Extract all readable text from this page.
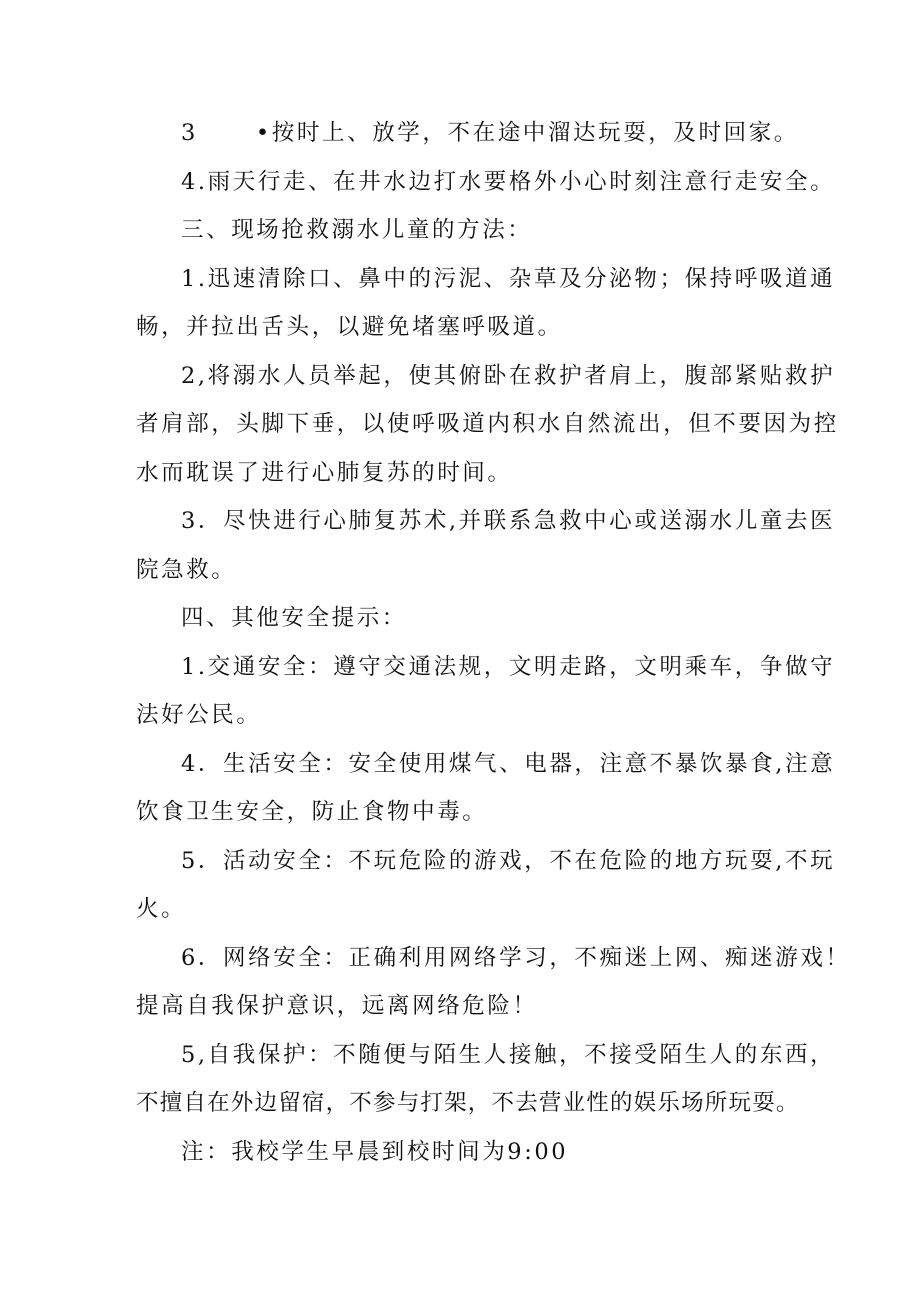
3	•按时上、放学，不在途中溜达玩耍，及时回家。
4.雨天行走、在井水边打水要格外小心时刻注意行走安全。
三、现场抢救溺水儿童的方法：
1.迅速清除口、鼻中的污泥、杂草及分泌物；保持呼吸道通
畅，并拉出舌头，以避免堵塞呼吸道。
2,将溺水人员举起，使其俯卧在救护者肩上，腹部紧贴救护
者肩部，头脚下垂，以使呼吸道内积水自然流出，但不要因为控
水而耽误了进行心肺复苏的时间。
3．尽快进行心肺复苏术,并联系急救中心或送溺水儿童去医
院急救。
四、其他安全提示：
1.交通安全：遵守交通法规，文明走路，文明乘车，争做守
法好公民。
4．生活安全：安全使用煤气、电器，注意不暴饮暴食,注意
饮食卫生安全，防止食物中毒。
5．活动安全：不玩危险的游戏，不在危险的地方玩耍,不玩
火。
6．网络安全：正确利用网络学习，不痴迷上网、痴迷游戏！
提高自我保护意识，远离网络危险！
5,自我保护：不随便与陌生人接触，不接受陌生人的东西，
不擅自在外边留宿，不参与打架，不去营业性的娱乐场所玩耍。
注：我校学生早晨到校时间为9:00
